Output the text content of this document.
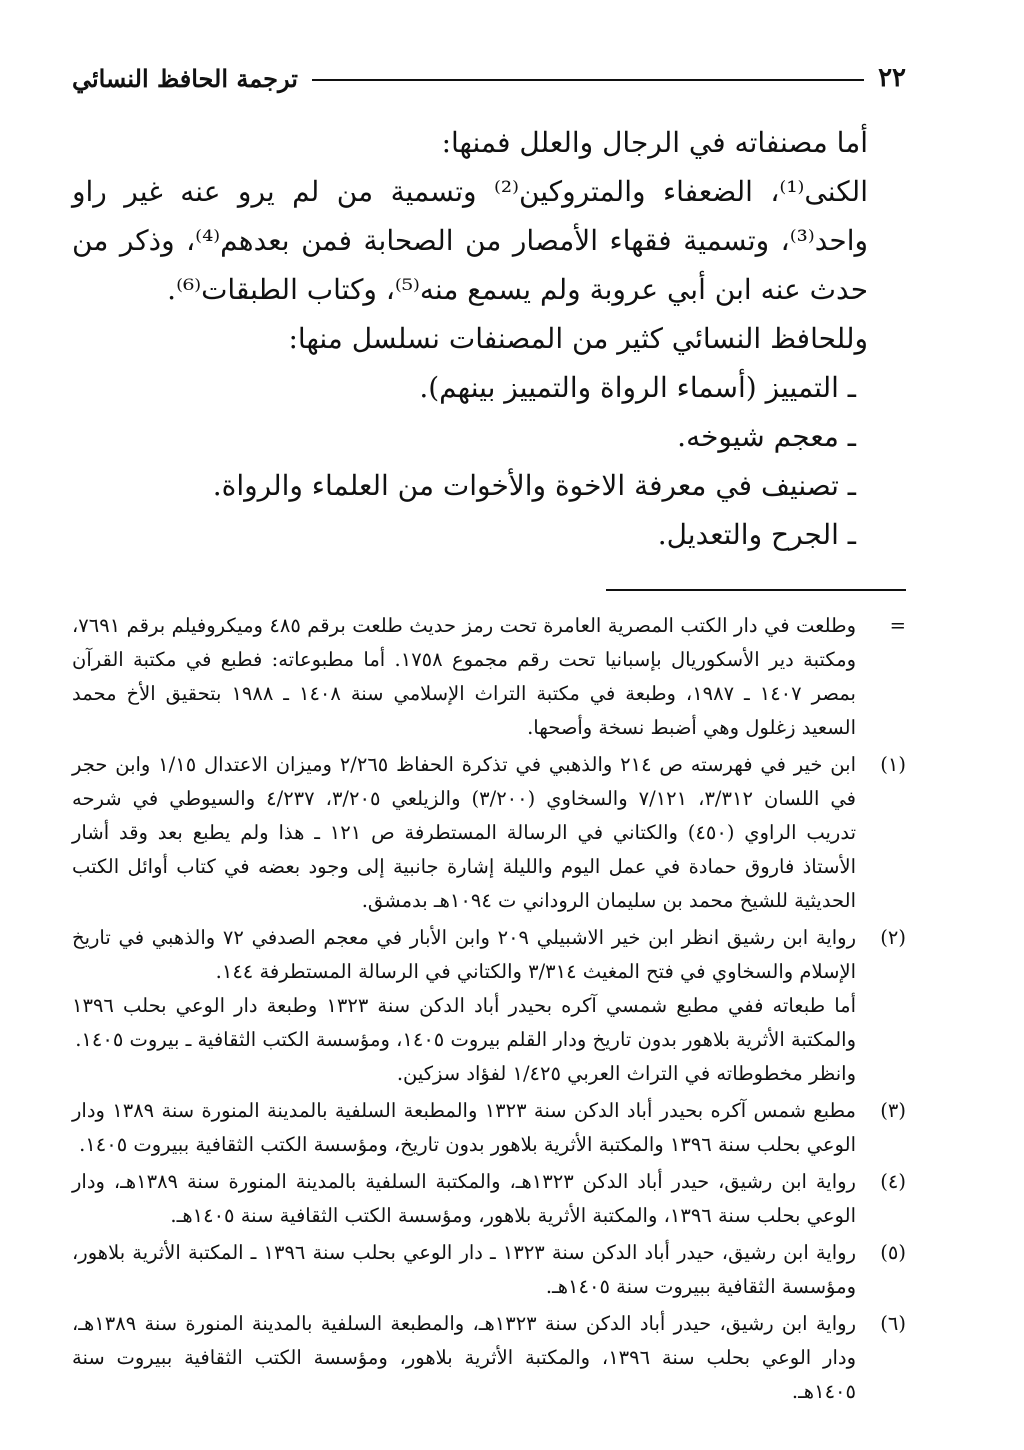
٢٢
ترجمة الحافظ النسائي

أما مصنفاته في الرجال والعلل فمنها:

الكنى⁽¹⁾، الضعفاء والمتروكين⁽²⁾ وتسمية من لم يرو عنه غير راو واحد⁽³⁾، وتسمية فقهاء الأمصار من الصحابة فمن بعدهم⁽⁴⁾، وذكر من حدث عنه ابن أبي عروبة ولم يسمع منه⁽⁵⁾، وكتاب الطبقات⁽⁶⁾.

وللحافظ النسائي كثير من المصنفات نسلسل منها:

ـ التمييز (أسماء الرواة والتمييز بينهم).
ـ معجم شيوخه.
ـ تصنيف في معرفة الاخوة والأخوات من العلماء والرواة.
ـ الجرح والتعديل.
=

وطلعت في دار الكتب المصرية العامرة تحت رمز حديث طلعت برقم ٤٨٥ وميكروفيلم برقم ٧٦٩١، ومكتبة دير الأسكوريال بإسبانيا تحت رقم مجموع ١٧٥٨. أما مطبوعاته: فطبع في مكتبة القرآن بمصر ١٤٠٧ ـ ١٩٨٧، وطبعة في مكتبة التراث الإسلامي سنة ١٤٠٨ ـ ١٩٨٨ بتحقيق الأخ محمد السعيد زغلول وهي أضبط نسخة وأصحها.

(١)

ابن خير في فهرسته ص ٢١٤ والذهبي في تذكرة الحفاظ ٢/٢٦٥ وميزان الاعتدال ١/١٥ وابن حجر في اللسان ٣/٣١٢، ٧/١٢١ والسخاوي (٣/٢٠٠) والزيلعي ٣/٢٠٥، ٤/٢٣٧ والسيوطي في شرحه تدريب الراوي (٤٥٠) والكتاني في الرسالة المستطرفة ص ١٢١ ـ هذا ولم يطبع بعد وقد أشار الأستاذ فاروق حمادة في عمل اليوم والليلة إشارة جانبية إلى وجود بعضه في كتاب أوائل الكتب الحديثية للشيخ محمد بن سليمان الروداني ت ١٠٩٤هـ بدمشق.

(٢)

رواية ابن رشيق انظر ابن خير الاشبيلي ٢٠٩ وابن الأبار في معجم الصدفي ٧٢ والذهبي في تاريخ الإسلام والسخاوي في فتح المغيث ٣/٣١٤ والكتاني في الرسالة المستطرفة ١٤٤.

أما طبعاته ففي مطبع شمسي آكره بحيدر أباد الدكن سنة ١٣٢٣ وطبعة دار الوعي بحلب ١٣٩٦ والمكتبة الأثرية بلاهور بدون تاريخ ودار القلم بيروت ١٤٠٥، ومؤسسة الكتب الثقافية ـ بيروت ١٤٠٥.

وانظر مخطوطاته في التراث العربي ١/٤٢٥ لفؤاد سزكين.

(٣)

مطبع شمس آكره بحيدر أباد الدكن سنة ١٣٢٣ والمطبعة السلفية بالمدينة المنورة سنة ١٣٨٩ ودار الوعي بحلب سنة ١٣٩٦ والمكتبة الأثرية بلاهور بدون تاريخ، ومؤسسة الكتب الثقافية ببيروت ١٤٠٥.

(٤)

رواية ابن رشيق، حيدر أباد الدكن ١٣٢٣هـ، والمكتبة السلفية بالمدينة المنورة سنة ١٣٨٩هـ، ودار الوعي بحلب سنة ١٣٩٦، والمكتبة الأثرية بلاهور، ومؤسسة الكتب الثقافية سنة ١٤٠٥هـ.

(٥)

رواية ابن رشيق، حيدر أباد الدكن سنة ١٣٢٣ ـ دار الوعي بحلب سنة ١٣٩٦ ـ المكتبة الأثرية بلاهور، ومؤسسة الثقافية ببيروت سنة ١٤٠٥هـ.

(٦)

رواية ابن رشيق، حيدر أباد الدكن سنة ١٣٢٣هـ، والمطبعة السلفية بالمدينة المنورة سنة ١٣٨٩هـ، ودار الوعي بحلب سنة ١٣٩٦، والمكتبة الأثرية بلاهور، ومؤسسة الكتب الثقافية ببيروت سنة ١٤٠٥هـ.
